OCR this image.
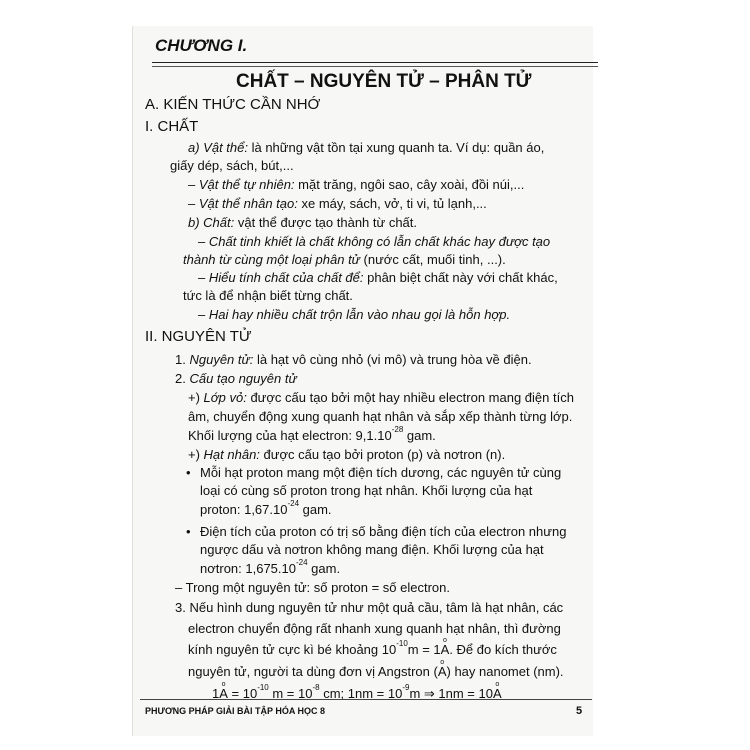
CHƯƠNG I.
CHẤT – NGUYÊN TỬ – PHÂN TỬ
A. KIẾN THỨC CẦN NHỚ
I. CHẤT
a) Vật thể: là những vật tồn tại xung quanh ta. Ví dụ: quần áo,
giấy dép, sách, bút,...
– Vật thể tự nhiên: mặt trăng, ngôi sao, cây xoài, đồi núi,...
– Vật thể nhân tạo: xe máy, sách, vở, ti vi, tủ lạnh,...
b) Chất: vật thể được tạo thành từ chất.
– Chất tinh khiết là chất không có lẫn chất khác hay được tạo
thành từ cùng một loại phân tử (nước cất, muối tinh, ...).
– Hiểu tính chất của chất để: phân biệt chất này với chất khác,
tức là để nhận biết từng chất.
– Hai hay nhiều chất trộn lẫn vào nhau gọi là hỗn hợp.
II. NGUYÊN TỬ
1. Nguyên tử: là hạt vô cùng nhỏ (vi mô) và trung hòa về điện.
2. Cấu tạo nguyên tử
+) Lớp vỏ: được cấu tạo bởi một hay nhiều electron mang điện tích
âm, chuyển động xung quanh hạt nhân và sắp xếp thành từng lớp.
Khối lượng của hạt electron: $9,1.10^{-28}$ gam.
+) Hạt nhân: được cấu tạo bởi proton (p) và nơtron (n).
• Mỗi hạt proton mang một điện tích dương, các nguyên tử cùng
loại có cùng số proton trong hạt nhân. Khối lượng của hạt
proton: $1,67.10^{-24}$ gam.
• Điện tích của proton có trị số bằng điện tích của electron nhưng
ngược dấu và nơtron không mang điện. Khối lượng của hạt
nơtron: $1,675.10^{-24}$ gam.
– Trong một nguyên tử: số proton = số electron.
3. Nếu hình dung nguyên tử như một quả cầu, tâm là hạt nhân, các
electron chuyển động rất nhanh xung quanh hạt nhân, thì đường
kính nguyên tử cực kì bé khoảng $10^{-10}m = 1$
o
A. Để đo kích thước
nguyên tử, người ta dùng đơn vị Angstron (
o
A) hay nanomet (nm).
1
o
$A = 10^{-10}$ $m = 10^{-8}$ cm; $1nm = 10^{-9}m$ ⇒ 1nm = 10
o
A
PHƯƠNG PHÁP GIẢI BÀI TẬP HÓA HỌC 8	5
